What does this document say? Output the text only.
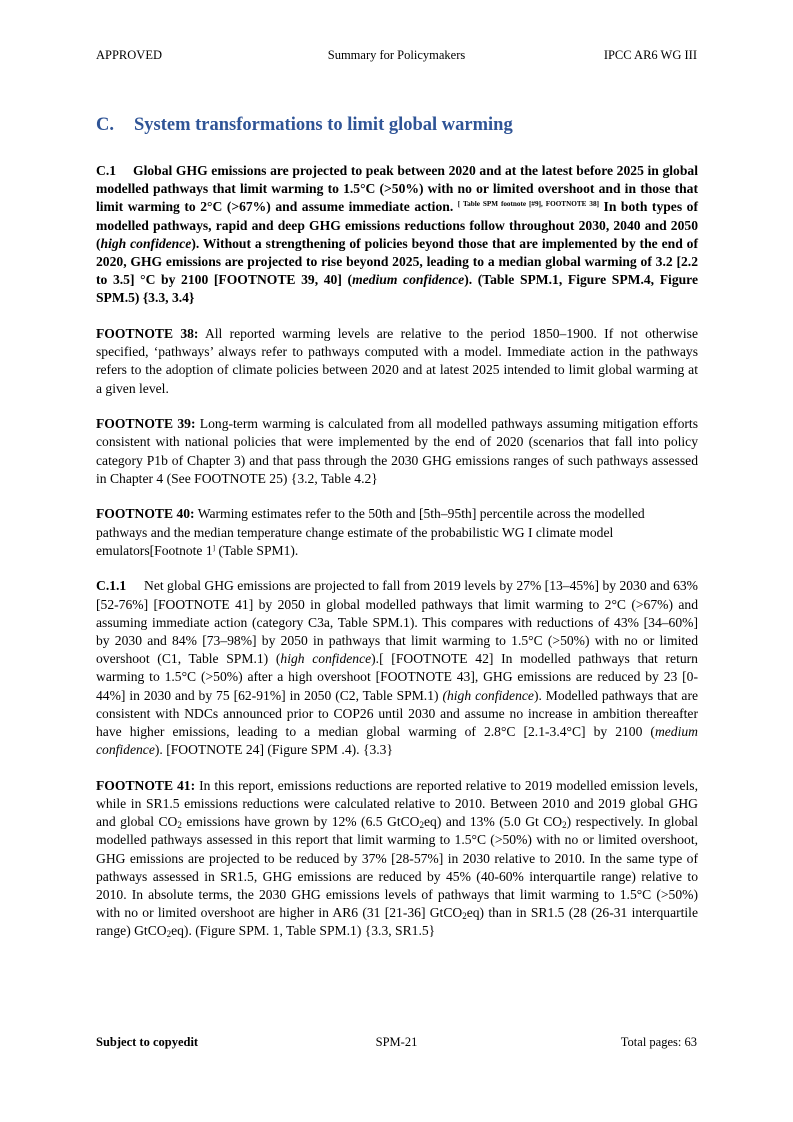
APPROVED	Summary for Policymakers	IPCC AR6 WG III
C. System transformations to limit global warming

C.1 Global GHG emissions are projected to peak between 2020 and at the latest before 2025 in global modelled pathways that limit warming to 1.5°C (>50%) with no or limited overshoot and in those that limit warming to 2°C (>67%) and assume immediate action. [ Table SPM footnote [#9], FOOTNOTE 38] In both types of modelled pathways, rapid and deep GHG emissions reductions follow throughout 2030, 2040 and 2050 (high confidence). Without a strengthening of policies beyond those that are implemented by the end of 2020, GHG emissions are projected to rise beyond 2025, leading to a median global warming of 3.2 [2.2 to 3.5] °C by 2100 [FOOTNOTE 39, 40] (medium confidence). (Table SPM.1, Figure SPM.4, Figure SPM.5) {3.3, 3.4}

FOOTNOTE 38: All reported warming levels are relative to the period 1850–1900. If not otherwise specified, ‘pathways’ always refer to pathways computed with a model. Immediate action in the pathways refers to the adoption of climate policies between 2020 and at latest 2025 intended to limit global warming at a given level.

FOOTNOTE 39: Long-term warming is calculated from all modelled pathways assuming mitigation efforts consistent with national policies that were implemented by the end of 2020 (scenarios that fall into policy category P1b of Chapter 3) and that pass through the 2030 GHG emissions ranges of such pathways assessed in Chapter 4 (See FOOTNOTE 25) {3.2, Table 4.2}

FOOTNOTE 40: Warming estimates refer to the 50th and [5th–95th] percentile across the modelled pathways and the median temperature change estimate of the probabilistic WG I climate model emulators[Footnote 1] (Table SPM1).

C.1.1 Net global GHG emissions are projected to fall from 2019 levels by 27% [13–45%] by 2030 and 63% [52-76%] [FOOTNOTE 41] by 2050 in global modelled pathways that limit warming to 2°C (>67%) and assuming immediate action (category C3a, Table SPM.1). This compares with reductions of 43% [34–60%] by 2030 and 84% [73–98%] by 2050 in pathways that limit warming to 1.5°C (>50%) with no or limited overshoot (C1, Table SPM.1) (high confidence).[ [FOOTNOTE 42] In modelled pathways that return warming to 1.5°C (>50%) after a high overshoot [FOOTNOTE 43], GHG emissions are reduced by 23 [0-44%] in 2030 and by 75 [62-91%] in 2050 (C2, Table SPM.1) (high confidence). Modelled pathways that are consistent with NDCs announced prior to COP26 until 2030 and assume no increase in ambition thereafter have higher emissions, leading to a median global warming of 2.8°C [2.1-3.4°C] by 2100 (medium confidence). [FOOTNOTE 24] (Figure SPM .4). {3.3}

FOOTNOTE 41: In this report, emissions reductions are reported relative to 2019 modelled emission levels, while in SR1.5 emissions reductions were calculated relative to 2010. Between 2010 and 2019 global GHG and global $CO_2$ emissions have grown by 12% (6.5 GtCO$_2$eq) and 13% (5.0 Gt $CO_2$) respectively. In global modelled pathways assessed in this report that limit warming to 1.5°C (>50%) with no or limited overshoot, GHG emissions are projected to be reduced by 37% [28-57%] in 2030 relative to 2010. In the same type of pathways assessed in SR1.5, GHG emissions are reduced by 45% (40-60% interquartile range) relative to 2010. In absolute terms, the 2030 GHG emissions levels of pathways that limit warming to 1.5°C (>50%) with no or limited overshoot are higher in AR6 (31 [21-36] GtCO$_2$eq) than in SR1.5 (28 (26-31 interquartile range) GtCO$_2$eq). (Figure SPM. 1, Table SPM.1) {3.3, SR1.5}

Subject to copyedit	SPM-21	Total pages: 63
